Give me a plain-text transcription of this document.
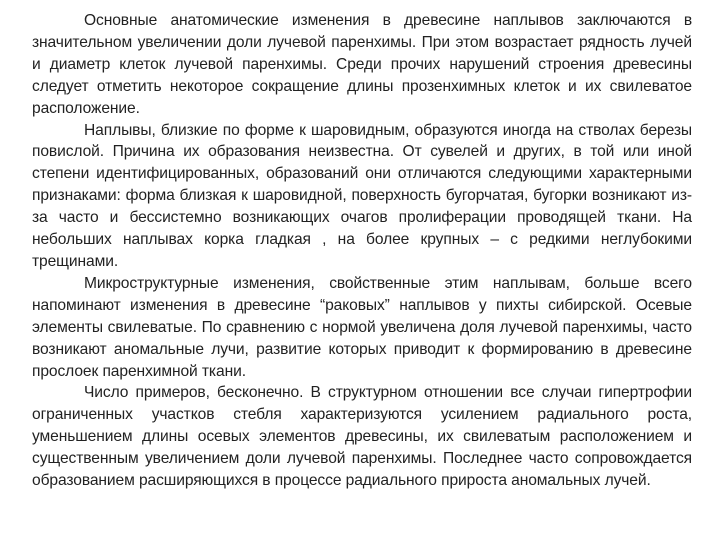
Основные анатомические изменения в древесине наплывов заключаются в значительном увеличении доли лучевой паренхимы. При этом возрастает рядность лучей и диаметр клеток лучевой паренхимы. Среди прочих нарушений строения древесины следует отметить некоторое сокращение длины прозенхимных клеток и их свилеватое расположение.

Наплывы, близкие по форме к шаровидным, образуются иногда на стволах березы повислой. Причина их образования неизвестна. От сувелей и других, в той или иной степени идентифицированных, образований они отличаются следующими характерными признаками: форма близкая к шаровидной, поверхность бугорчатая, бугорки возникают из-за часто и бессистемно возникающих очагов пролиферации проводящей ткани. На небольших наплывах корка гладкая , на более крупных – с редкими неглубокими трещинами.

Микроструктурные изменения, свойственные этим наплывам, больше всего напоминают изменения в древесине “раковых” наплывов у пихты сибирской. Осевые элементы свилеватые. По сравнению с нормой увеличена доля лучевой паренхимы, часто возникают аномальные лучи, развитие которых приводит к формированию в древесине прослоек паренхимной ткани.

Число примеров, бесконечно. В структурном отношении все случаи гипертрофии ограниченных участков стебля характеризуются усилением радиального роста, уменьшением длины осевых элементов древесины, их свилеватым расположением и существенным увеличением доли лучевой паренхимы. Последнее часто сопровождается образованием расширяющихся в процессе радиального прироста аномальных лучей.
